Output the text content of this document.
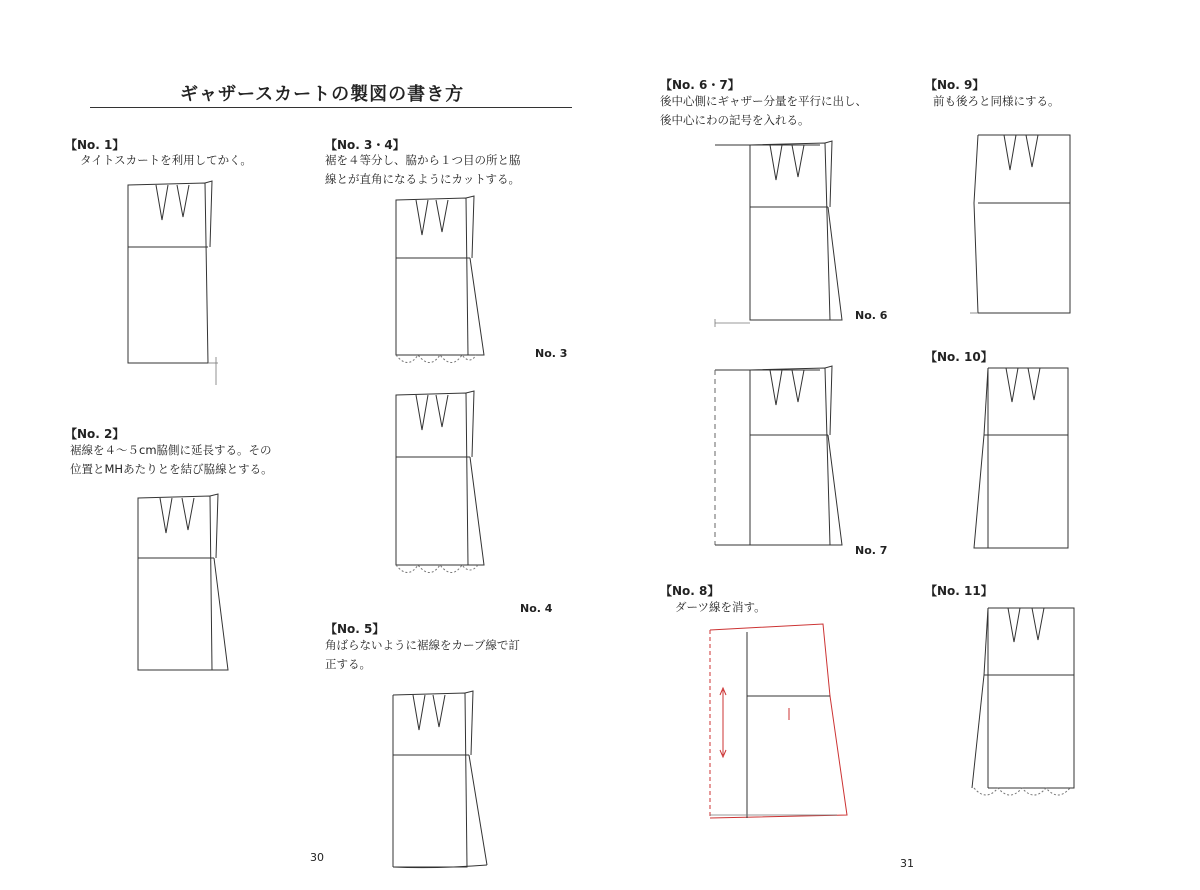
ギャザースカートの製図の書き方
【No. 1】
タイトスカートを利用してかく。
【No. 2】
裾線を４～５cm脇側に延長する。その
位置とMHあたりとを結び脇線とする。
【No. 3・4】
裾を４等分し、脇から１つ目の所と脇
線とが直角になるようにカットする。
No. 3
No. 4
【No. 5】
角ばらないように裾線をカーブ線で訂
正する。
30
【No. 6・7】
後中心側にギャザー分量を平行に出し、
後中心にわの記号を入れる。
No. 6
No. 7
【No. 8】
ダーツ線を消す。
【No. 9】
前も後ろと同様にする。
【No. 10】
【No. 11】
31
